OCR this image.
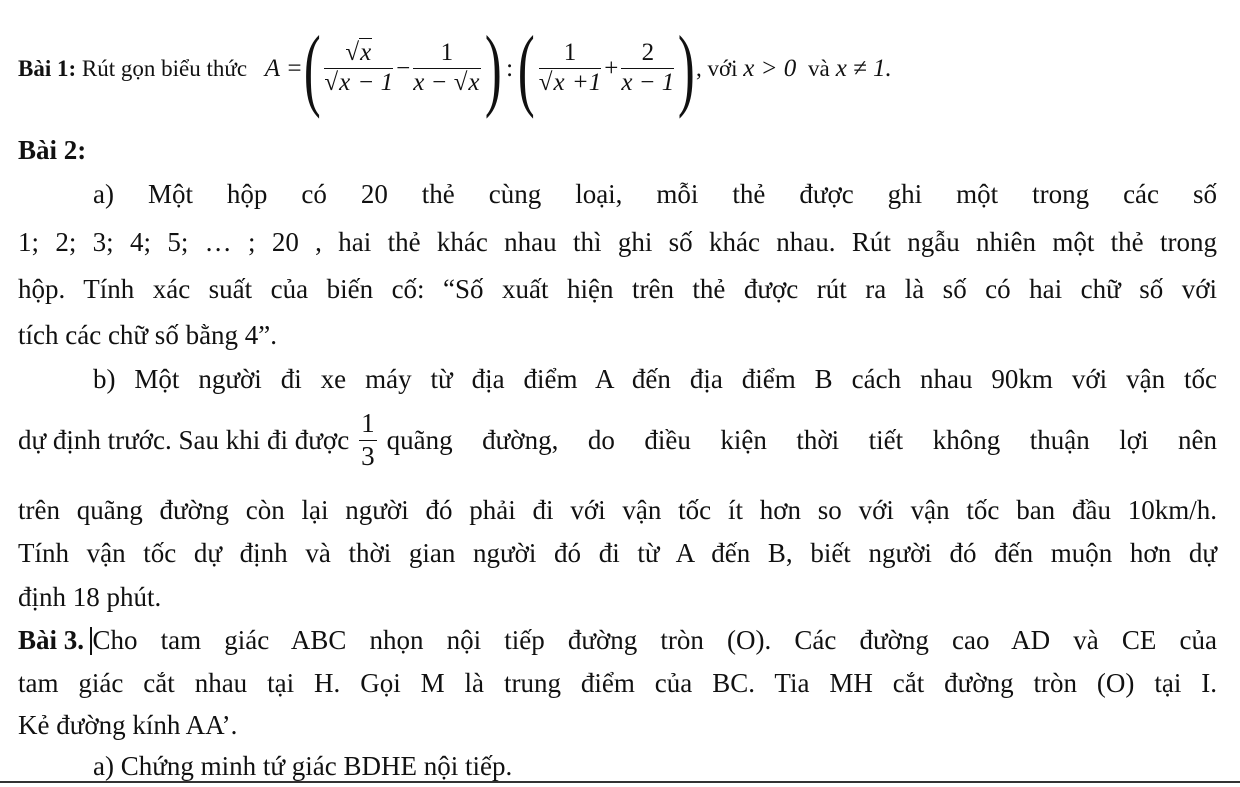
Bài 1:
Rút gọn biểu thức
A = ( $\frac{√x}{√x - 1} - \frac{1}{x - √x}$ ) : ( $\frac{1}{√x +1} + \frac{2}{x - 1}$ ) , với
x > 0
và x ≠ 1.
Bài 2:
a) Một hộp có 20 thẻ cùng loại, mỗi thẻ được ghi một trong các số
1; 2; 3; 4; 5; … ; 20 , hai thẻ khác nhau thì ghi số khác nhau. Rút ngẫu nhiên một thẻ trong
hộp. Tính xác suất của biến cố: “Số xuất hiện trên thẻ được rút ra là số có hai chữ số với
tích các chữ số bằng 4”.
b) Một người đi xe máy từ địa điểm A đến địa điểm B cách nhau 90km với vận tốc
dự định trước. Sau khi đi được $\frac{1}{3}$ quãng đường, do điều kiện thời tiết không thuận lợi nên
trên quãng đường còn lại người đó phải đi với vận tốc ít hơn so với vận tốc ban đầu 10km/h.
Tính vận tốc dự định và thời gian người đó đi từ A đến B, biết người đó đến muộn hơn dự
định 18 phút.
Bài 3. Cho tam giác ABC nhọn nội tiếp đường tròn (O). Các đường cao AD và CE của
tam giác cắt nhau tại H. Gọi M là trung điểm của BC. Tia MH cắt đường tròn (O) tại I.
Kẻ đường kính AA’.
a) Chứng minh tứ giác BDHE nội tiếp.
